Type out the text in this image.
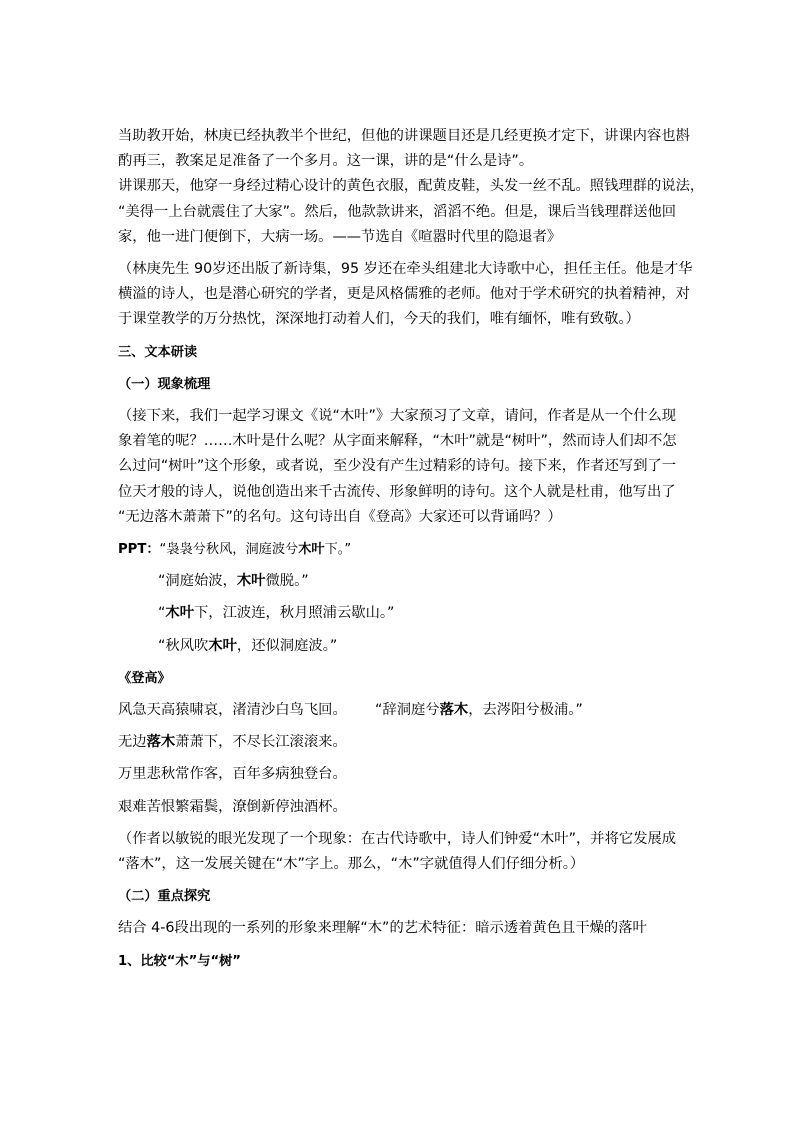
当助教开始，林庚已经执教半个世纪，但他的讲课题目还是几经更换才定下，讲课内容也斟

酌再三，教案足足准备了一个多月。这一课，讲的是“什么是诗”。

讲课那天，他穿一身经过精心设计的黄色衣服，配黄皮鞋，头发一丝不乱。照钱理群的说法，

“美得一上台就震住了大家”。然后，他款款讲来，滔滔不绝。但是，课后当钱理群送他回

家，他一进门便倒下，大病一场。——节选自《喧嚣时代里的隐退者》

（林庚先生 90岁还出版了新诗集，95 岁还在牵头组建北大诗歌中心，担任主任。他是才华

横溢的诗人，也是潜心研究的学者，更是风格儒雅的老师。他对于学术研究的执着精神，对

于课堂教学的万分热忱，深深地打动着人们，今天的我们，唯有缅怀，唯有致敬。）

三、文本研读

（一）现象梳理

（接下来，我们一起学习课文《说“木叶”》大家预习了文章，请问，作者是从一个什么现

象着笔的呢？……木叶是什么呢？从字面来解释，“木叶”就是“树叶”，然而诗人们却不怎

么过问“树叶”这个形象，或者说，至少没有产生过精彩的诗句。接下来，作者还写到了一

位天才般的诗人，说他创造出来千古流传、形象鲜明的诗句。这个人就是杜甫，他写出了

“无边落木萧萧下”的名句。这句诗出自《登高》大家还可以背诵吗？）

PPT：“袅袅兮秋风，洞庭波兮木叶下。”

“洞庭始波，木叶微脱。”

“木叶下，江波连，秋月照浦云歇山。”

“秋风吹木叶，还似洞庭波。”

《登高》

风急天高猿啸哀，渚清沙白鸟飞回。	“辞洞庭兮落木，去涔阳兮极浦。”

无边落木萧萧下，不尽长江滚滚来。

万里悲秋常作客，百年多病独登台。

艰难苦恨繁霜鬓，潦倒新停浊酒杯。

（作者以敏锐的眼光发现了一个现象：在古代诗歌中，诗人们钟爱“木叶”，并将它发展成

“落木”，这一发展关键在“木”字上。那么，“木”字就值得人们仔细分析。）

（二）重点探究

结合 4-6段出现的一系列的形象来理解“木”的艺术特征：暗示透着黄色且干燥的落叶

1、比较“木”与“树”
